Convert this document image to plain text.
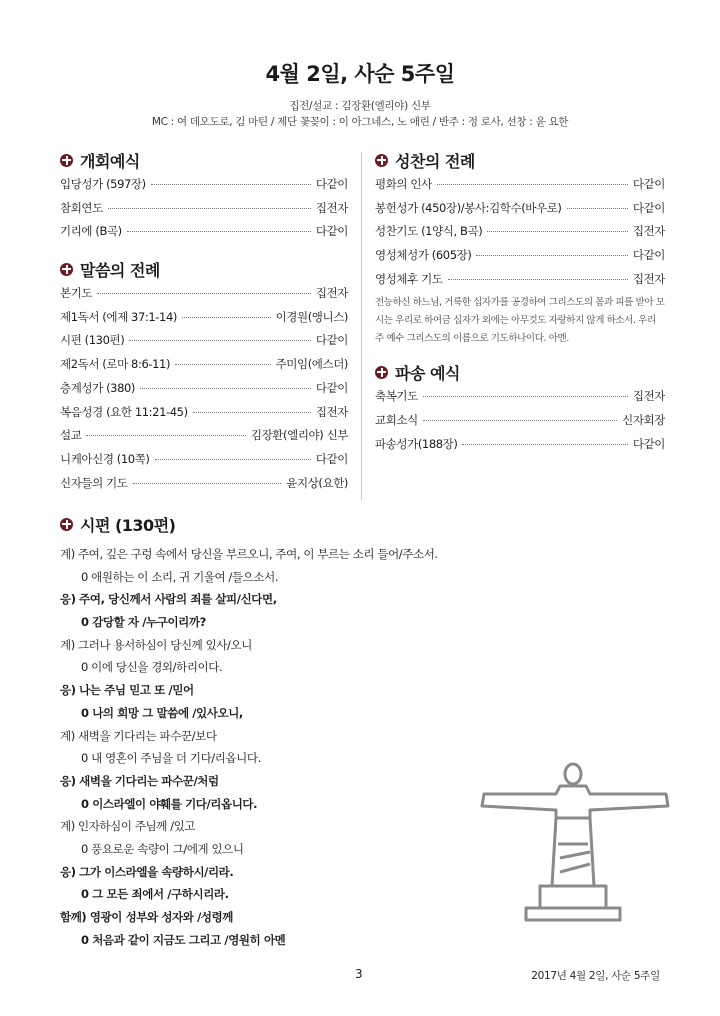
4월 2일, 사순 5주일
집전/설교 : 김장환(엘리야) 신부
MC : 여 데오도로, 김 마틴 / 제단 꽃꽂이 : 이 아그네스, 노 애린 / 반주 : 정 로사, 선창 : 윤 요한
개회예식
입당성가 (597장)	다같이
참회연도	집전자
기리에 (B곡)	다같이
말씀의 전례
본기도	집전자
제1독서 (에제 37:1-14)	이경원(앵니스)
시편 (130편)	다같이
제2독서 (로마 8:6-11)	주미임(에스더)
층계성가 (380)	다같이
복음성경 (요한 11:21-45)	집전자
설교	김장환(엘리야) 신부
니케아신경 (10쪽)	다같이
신자들의 기도	윤지상(요한)
성찬의 전례
평화의 인사	다같이
봉헌성가 (450장)/봉사:김학수(바우로)	다같이
성찬기도 (1양식, B곡)	집전자
영성체성가 (605장)	다같이
영성체후 기도	집전자
전능하신 하느님, 거룩한 십자가를 공경하여 그리스도의 몸과 피를 받아 모시는 우리로 하여금 십자가 외에는 아무것도 자랑하지 않게 하소서. 우리 주 예수 그리스도의 이름으로 기도하나이다. 아멘.
파송 예식
축복기도	집전자
교회소식	신자회장
파송성가(188장)	다같이
시편 (130편)
계) 주여, 깊은 구렁 속에서 당신을 부르오니, 주여, 이 부르는 소리 들어/주소서.
0 애원하는 이 소리, 귀 기울여 /들으소서.
응) 주여, 당신께서 사람의 죄를 살피/신다면,
0 감당할 자 /누구이리까?
계) 그러나 용서하심이 당신께 있사/오니
0 이에 당신을 경외/하리이다.
응) 나는 주님 믿고 또 /믿어
0 나의 희망 그 말씀에 /있사오니,
계) 새벽을 기다리는 파수꾼/보다
0 내 영혼이 주님을 더 기다/리옵니다.
응) 새벽을 기다리는 파수꾼/처럼
0 이스라엘이 야훼를 기다/리옵니다.
계) 인자하심이 주님께 /있고
0 풍요로운 속량이 그/에게 있으니
응) 그가 이스라엘을 속량하시/리라.
0 그 모든 죄에서 /구하시리라.
함께) 영광이 성부와 성자와 /성령께
0 처음과 같이 지금도 그리고 /영원히 아멘
3	2017년 4월 2일, 사순 5주일
